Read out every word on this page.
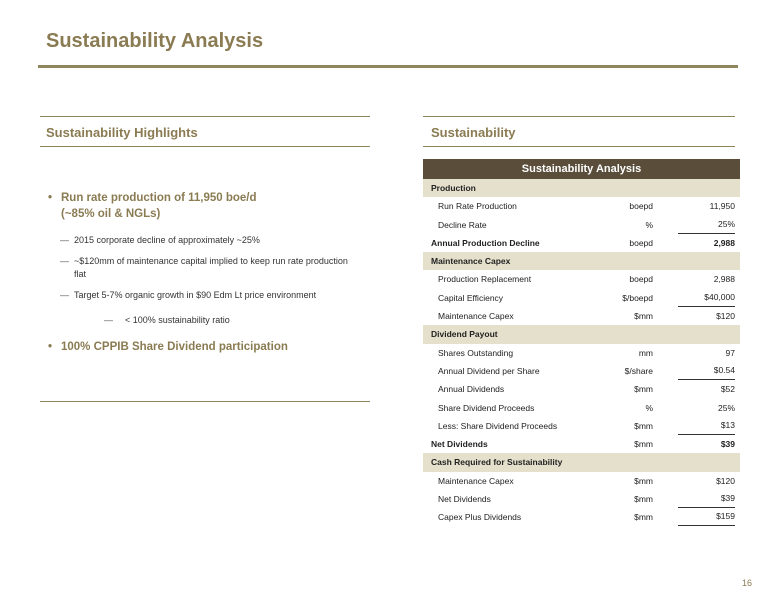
Sustainability Analysis
Sustainability Highlights
• Run rate production of 11,950 boe/d
(~85% oil & NGLs)
— 2015 corporate decline of approximately ~25%
— ~$120mm of maintenance capital implied to keep run rate production flat
— Target 5-7% organic growth in $90 Edm Lt price environment
— < 100% sustainability ratio
• 100% CPPIB Share Dividend participation
Sustainability
Sustainability Analysis
Production
Run Rate Production	boepd	11,950
Decline Rate	%	25%
Annual Production Decline	boepd	2,988
Maintenance Capex
Production Replacement	boepd	2,988
Capital Efficiency	$/boepd	$40,000
Maintenance Capex	$mm	$120
Dividend Payout
Shares Outstanding	mm	97
Annual Dividend per Share	$/share	$0.54
Annual Dividends	$mm	$52
Share Dividend Proceeds	%	25%
Less: Share Dividend Proceeds	$mm	$13
Net Dividends	$mm	$39
Cash Required for Sustainability
Maintenance Capex	$mm	$120
Net Dividends	$mm	$39
Capex Plus Dividends	$mm	$159
16
